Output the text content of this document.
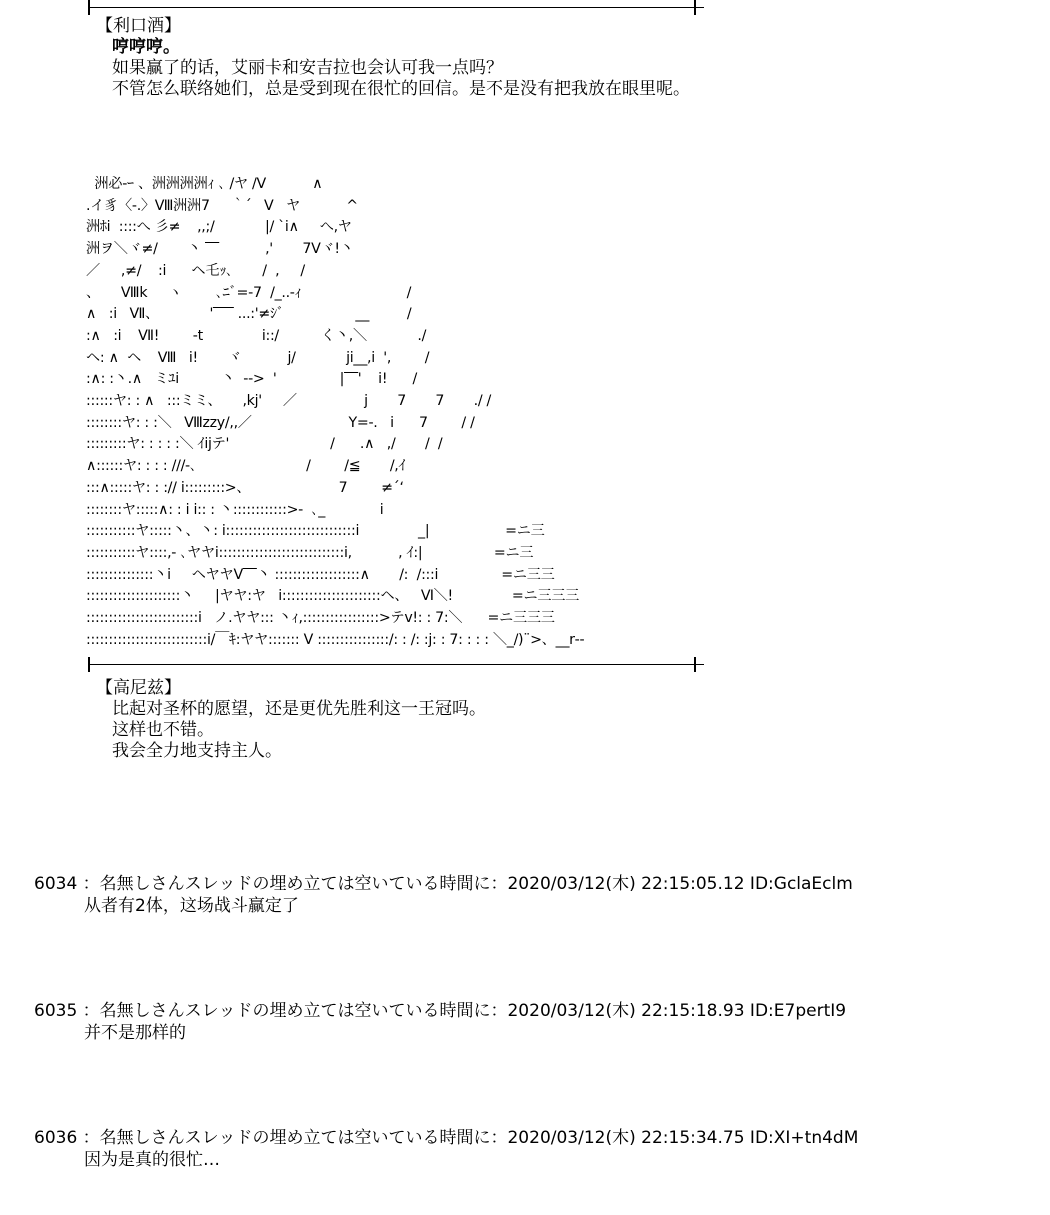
【利口酒】
哼哼哼。
如果赢了的话，艾丽卡和安吉拉也会认可我一点吗？
不管怎么联络她们，总是受到现在很忙的回信。是不是没有把我放在眼里呢。
洲必-ｰ 、洲洲洲洲ｨ ､ /ヤ /Ⅴ           ∧
.イ豸〈-.〉Ⅷ洲洲7     ｀´   V   ヤ           ^
洲ﾎi  ::::へ 彡≠    ,,;/            |/ `i∧     へ,ヤ
洲ヲ＼ヾ≠/       丶 ‾‾           ,'       7Vヾ!丶
／     ,≠/    :i      ヘ乇ｯ､       /  ,     /
、     Ⅷk     ヽ        ､ﾆﾞ=-7  /_..-ｨ                         /
∧   :i   Ⅶ、            '‾‾‾ ...:'≠ｼﾞ                 __         /
:∧   :i    Ⅶ!        -t              i::/          く丶,＼            ./
ヘ: ∧  ヘ    Ⅷ   i!       ヾ           j/            ji__,i  ',        /
:∧: :丶.∧   ミﾕi          丶  -->  '               |‾‾'    i!      /
::::::ヤ: : ∧   :::ミミ、     ,kj'     ／                j       7       7       ./ /
::::::::ヤ: : :＼   Ⅷzzy/,,／                       Y=-.   i      7        / /
:::::::::ヤ: : : : :＼ ｲijテ'                        /      .∧   ,/       /  /
∧::::::ヤ: : : : ///-､                          /        /≦       /,ｲ
:::∧:::::ヤ: : :// i:::::::::>、                     7        ≠´‘
::::::::ヤ:::::∧: : i i:: : 丶::::::::::::>-  ､_             i
:::::::::::ヤ:::::丶、丶: i:::::::::::::::::::::::::::::i              _|                  =ニ三
:::::::::::ヤ::::,- ､ヤヤi::::::::::::::::::::::::::::i,           , ｲ:|                 =ニ三
:::::::::::::::丶i     ヘヤヤV‾‾丶 :::::::::::::::::::∧       /:  /:::i               =ニ三三
:::::::::::::::::::::丶     |ヤヤ:ヤ   i::::::::::::::::::::::ヘ、   Ⅵ＼!              =ニ三三三
:::::::::::::::::::::::::i   ノ.ヤヤ::: 丶ｨ,:::::::::::::::::>テv!: : 7:＼      =ニ三三三
:::::::::::::::::::::::::::i/￣ｷ:ヤヤ::::::: V ::::::::::::::::/: : /: :j: : 7: : : : ＼_/)¨>、__r‐‐
【高尼兹】
比起对圣杯的愿望，还是更优先胜利这一王冠吗。
这样也不错。
我会全力地支持主人。
6034 ：名無しさんスレッドの埋め立ては空いている時間に：2020/03/12(木) 22:15:05.12 ID:GclaEclm
从者有2体，这场战斗赢定了
6035 ：名無しさんスレッドの埋め立ては空いている時間に：2020/03/12(木) 22:15:18.93 ID:E7pertI9
并不是那样的
6036 ：名無しさんスレッドの埋め立ては空いている時間に：2020/03/12(木) 22:15:34.75 ID:XI+tn4dM
因为是真的很忙…
